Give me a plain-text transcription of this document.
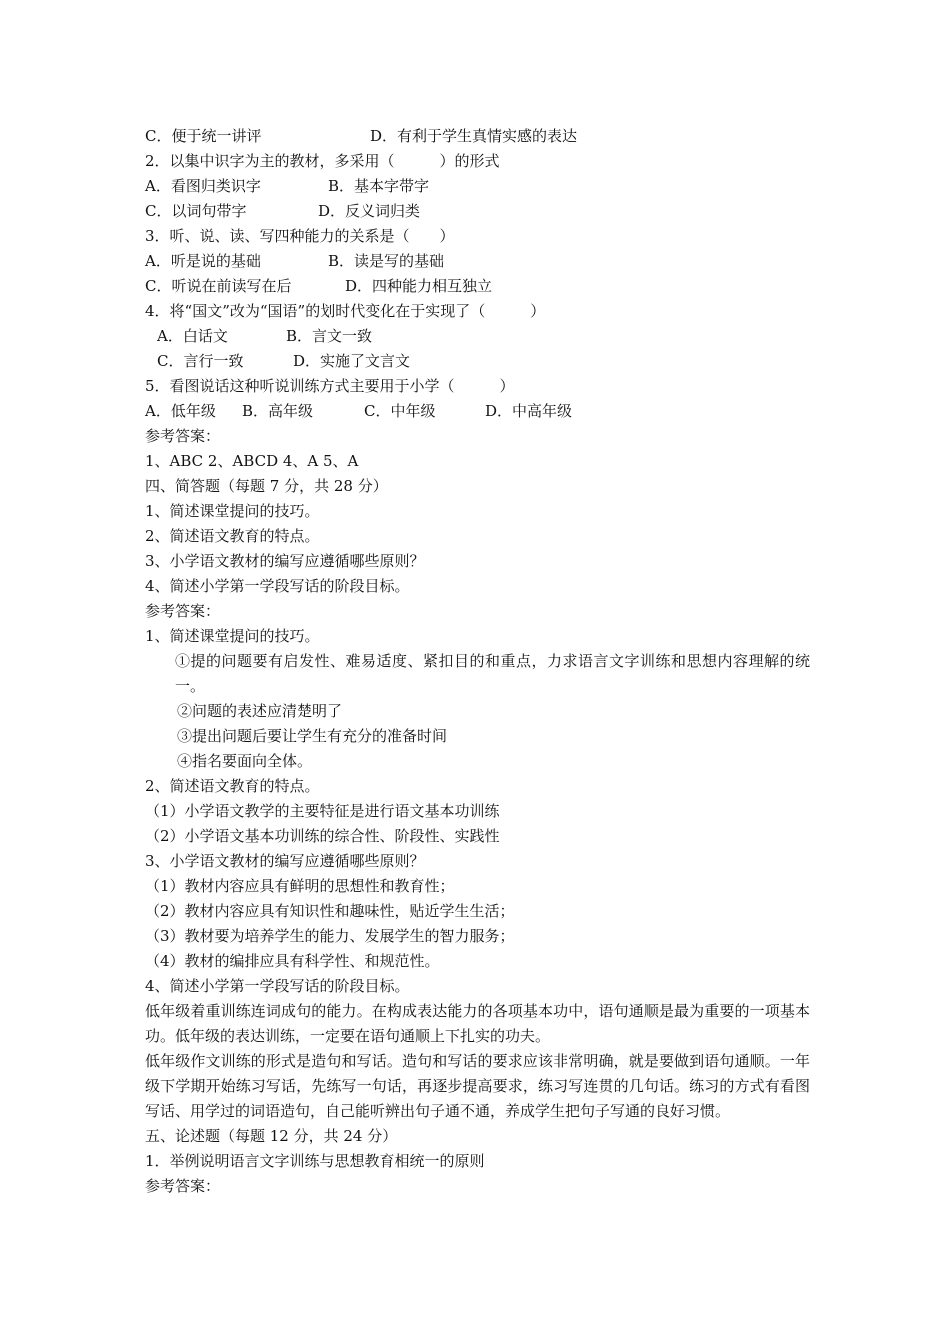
C．便于统一讲评	D．有利于学生真情实感的表达
2．以集中识字为主的教材，多采用（　　　）的形式
A．看图归类识字	B．基本字带字
C．以词句带字	D．反义词归类
3．听、说、读、写四种能力的关系是（　　）
A．听是说的基础	B．读是写的基础
C．听说在前读写在后	D．四种能力相互独立
4．将“国文”改为“国语”的划时代变化在于实现了（　　　）
A．白话文	B．言文一致
C．言行一致	D．实施了文言文
5．看图说话这种听说训练方式主要用于小学（　　　）
A．低年级 B．高年级	C．中年级	D．中高年级
参考答案：
1、ABC 2、ABCD 4、A 5、A
四、简答题（每题 7 分，共 28 分）
1、简述课堂提问的技巧。
2、简述语文教育的特点。
3、小学语文教材的编写应遵循哪些原则？
4、简述小学第一学段写话的阶段目标。
参考答案：
1、简述课堂提问的技巧。
①提的问题要有启发性、难易适度、紧扣目的和重点，力求语言文字训练和思想内容理解的统一。
②问题的表述应清楚明了
③提出问题后要让学生有充分的准备时间
④指名要面向全体。
2、简述语文教育的特点。
（1）小学语文教学的主要特征是进行语文基本功训练
（2）小学语文基本功训练的综合性、阶段性、实践性
3、小学语文教材的编写应遵循哪些原则？
（1）教材内容应具有鲜明的思想性和教育性；
（2）教材内容应具有知识性和趣味性，贴近学生生活；
（3）教材要为培养学生的能力、发展学生的智力服务；
（4）教材的编排应具有科学性、和规范性。
4、简述小学第一学段写话的阶段目标。
低年级着重训练连词成句的能力。在构成表达能力的各项基本功中，语句通顺是最为重要的一项基本功。低年级的表达训练，一定要在语句通顺上下扎实的功夫。
低年级作文训练的形式是造句和写话。造句和写话的要求应该非常明确，就是要做到语句通顺。一年级下学期开始练习写话，先练写一句话，再逐步提高要求，练习写连贯的几句话。练习的方式有看图写话、用学过的词语造句，自己能听辨出句子通不通，养成学生把句子写通的良好习惯。
五、论述题（每题 12 分，共 24 分）
1．举例说明语言文字训练与思想教育相统一的原则
参考答案：
